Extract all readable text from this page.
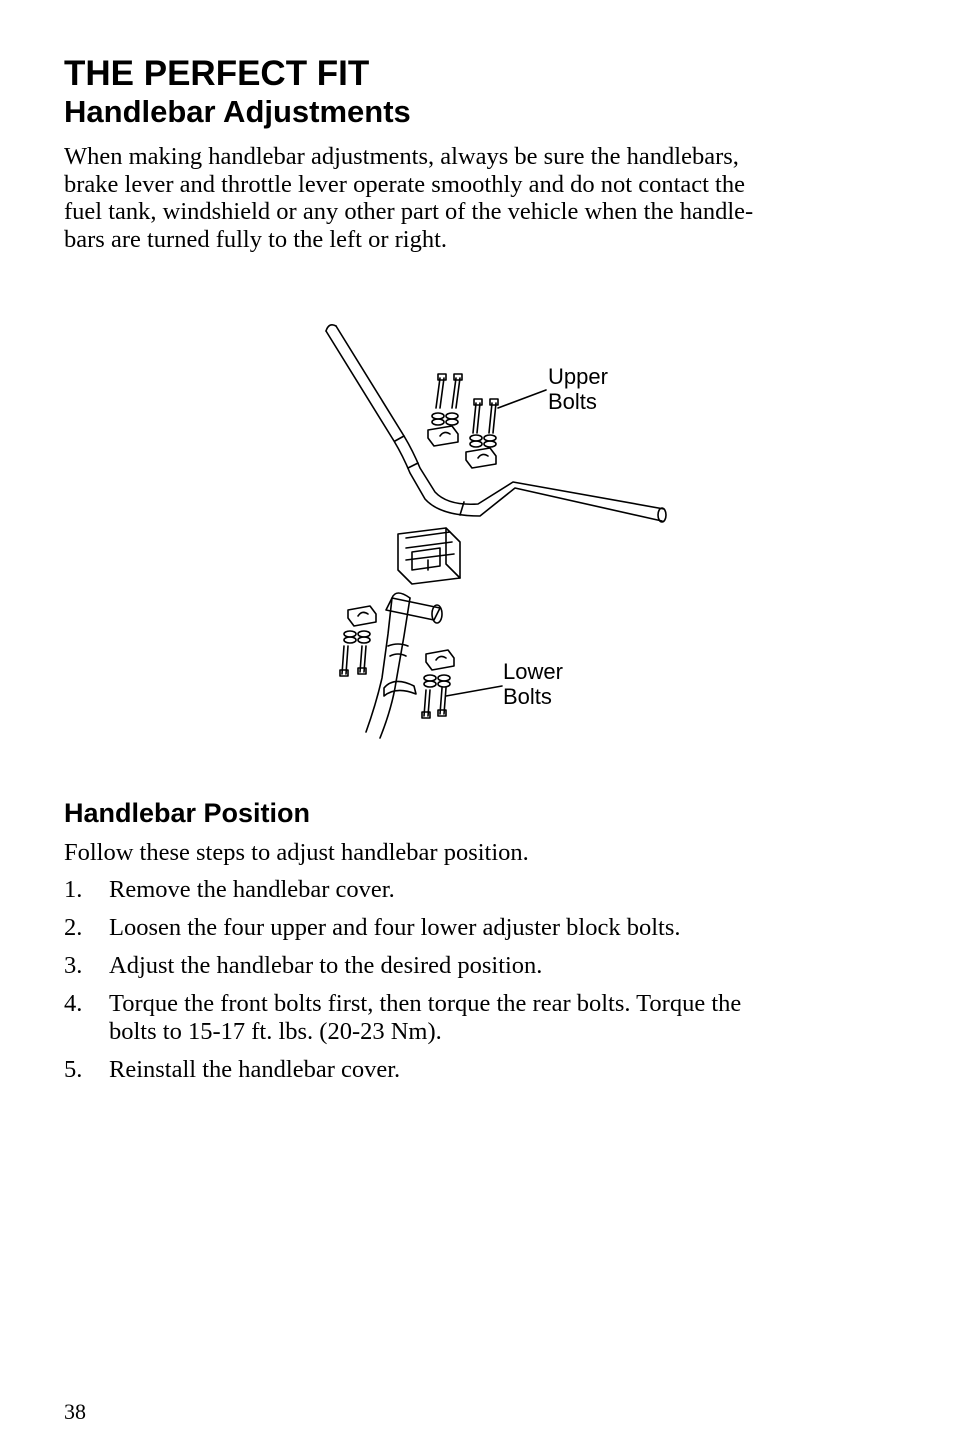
THE PERFECT FIT
Handlebar Adjustments

When making handlebar adjustments, always be sure the handlebars,
brake lever and throttle lever operate smoothly and do not contact the
fuel tank, windshield or any other part of the vehicle when the handle-
bars are turned fully to the left or right.

Upper
Bolts
Lower
Bolts
Handlebar Position

Follow these steps to adjust handlebar position.

1. Remove the handlebar cover.
2. Loosen the four upper and four lower adjuster block bolts.
3. Adjust the handlebar to the desired position.
4. Torque the front bolts first, then torque the rear bolts. Torque the
bolts to 15-17 ft. lbs. (20-23 Nm).
5. Reinstall the handlebar cover.

38
